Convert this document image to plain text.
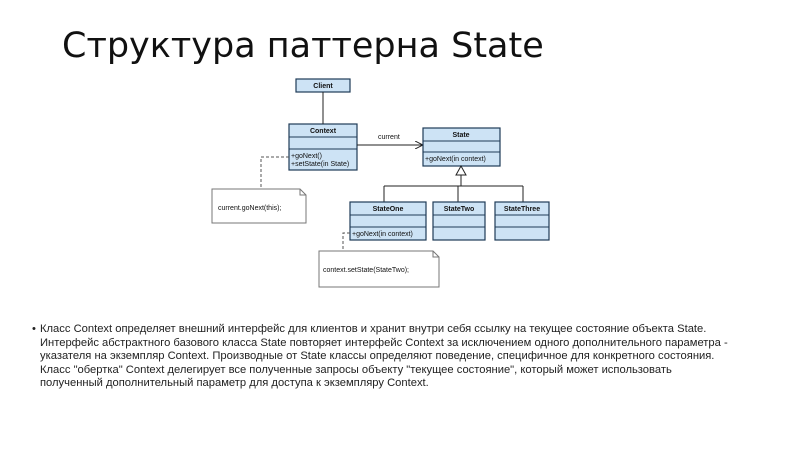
Структура паттерна State
Client
Context
+goNext()
+setState(in State)
current	State
+goNext(in context)
StateOne
+goNext(in context)
StateTwo	StateThree
current.goNext(this);
context.setState(StateTwo);
• Класс Context определяет внешний интерфейс для клиентов и хранит внутри себя ссылку на текущее состояние объекта State. Интерфейс абстрактного базового класса State повторяет интерфейс Context за исключением одного дополнительного параметра - указателя на экземпляр Context. Производные от State классы определяют поведение, специфичное для конкретного состояния. Класс "обертка" Context делегирует все полученные запросы объекту "текущее состояние", который может использовать полученный дополнительный параметр для доступа к экземпляру Context.
